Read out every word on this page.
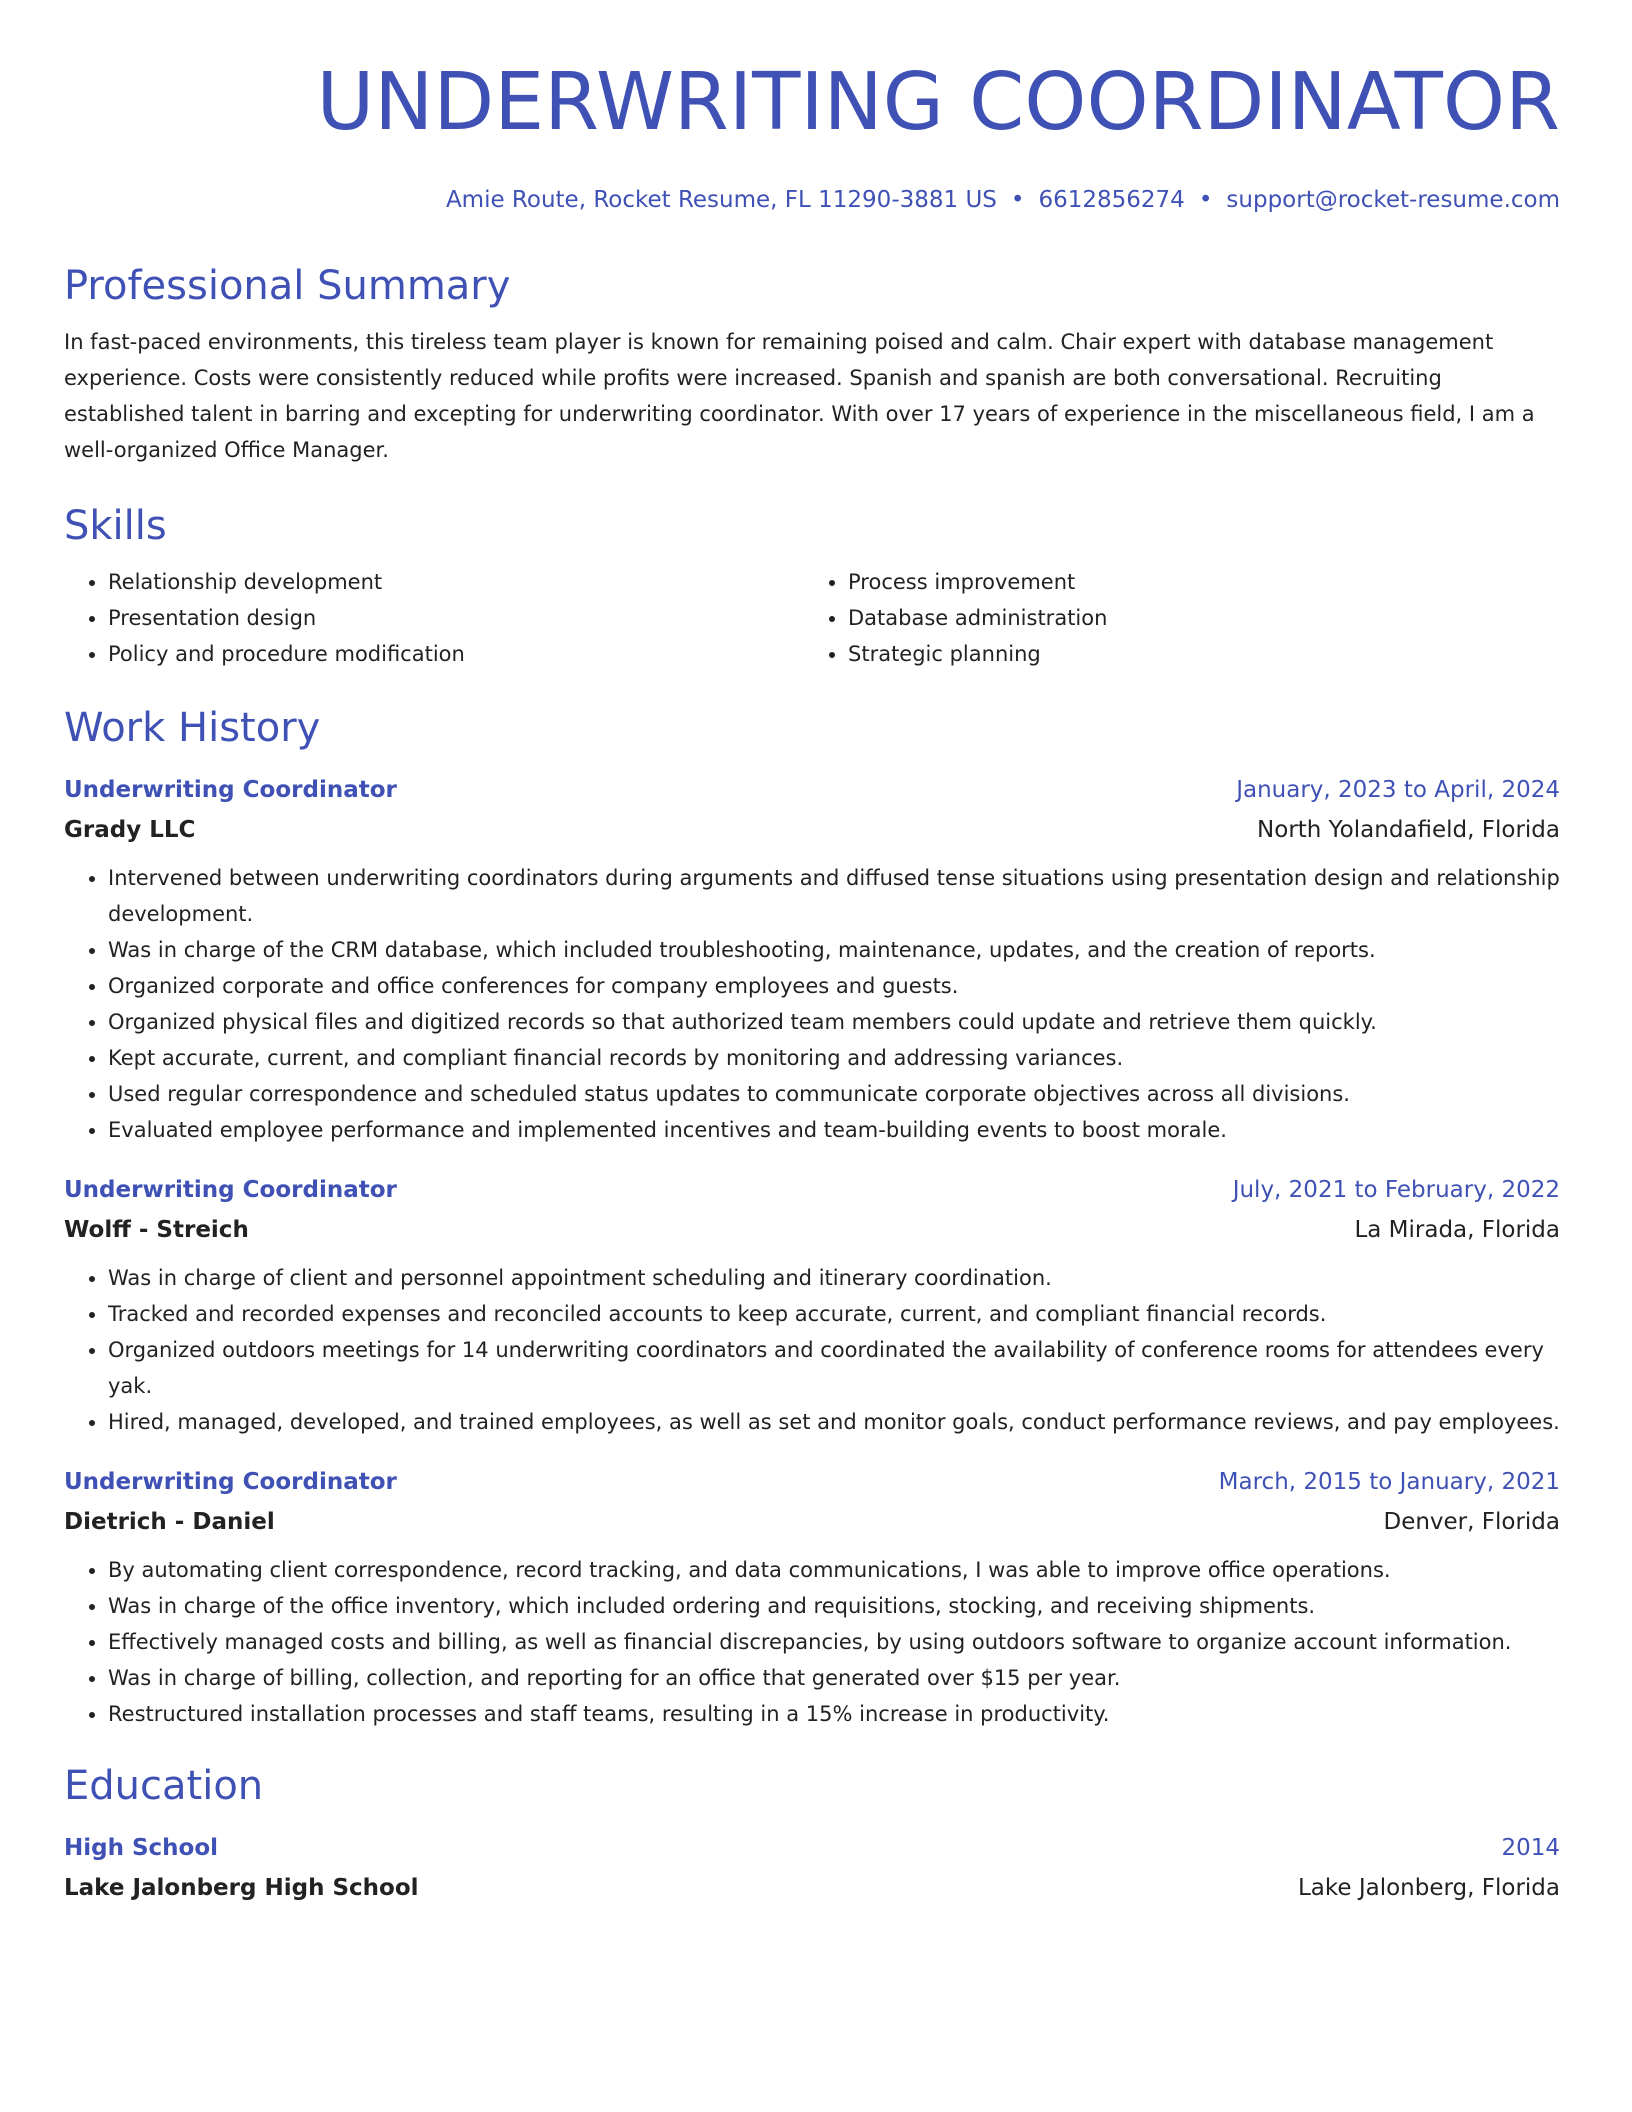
UNDERWRITING COORDINATOR
Amie Route, Rocket Resume, FL 11290-3881 US • 6612856274 • support@rocket-resume.com
Professional Summary

In fast-paced environments, this tireless team player is known for remaining poised and calm. Chair expert with database management experience. Costs were consistently reduced while profits were increased. Spanish and spanish are both conversational. Recruiting established talent in barring and excepting for underwriting coordinator. With over 17 years of experience in the miscellaneous field, I am a well-organized Office Manager.

Skills
• Relationship development
• Presentation design
• Policy and procedure modification
• Process improvement
• Database administration
• Strategic planning
Work History
Underwriting Coordinator	January, 2023 to April, 2024
Grady LLC	North Yolandafield, Florida
• Intervened between underwriting coordinators during arguments and diffused tense situations using presentation design and relationship development.
• Was in charge of the CRM database, which included troubleshooting, maintenance, updates, and the creation of reports.
• Organized corporate and office conferences for company employees and guests.
• Organized physical files and digitized records so that authorized team members could update and retrieve them quickly.
• Kept accurate, current, and compliant financial records by monitoring and addressing variances.
• Used regular correspondence and scheduled status updates to communicate corporate objectives across all divisions.
• Evaluated employee performance and implemented incentives and team-building events to boost morale.
Underwriting Coordinator	July, 2021 to February, 2022
Wolff - Streich	La Mirada, Florida
• Was in charge of client and personnel appointment scheduling and itinerary coordination.
• Tracked and recorded expenses and reconciled accounts to keep accurate, current, and compliant financial records.
• Organized outdoors meetings for 14 underwriting coordinators and coordinated the availability of conference rooms for attendees every yak.
• Hired, managed, developed, and trained employees, as well as set and monitor goals, conduct performance reviews, and pay employees.
Underwriting Coordinator	March, 2015 to January, 2021
Dietrich - Daniel	Denver, Florida
• By automating client correspondence, record tracking, and data communications, I was able to improve office operations.
• Was in charge of the office inventory, which included ordering and requisitions, stocking, and receiving shipments.
• Effectively managed costs and billing, as well as financial discrepancies, by using outdoors software to organize account information.
• Was in charge of billing, collection, and reporting for an office that generated over $15 per year.
• Restructured installation processes and staff teams, resulting in a 15% increase in productivity.
Education
High School	2014
Lake Jalonberg High School	Lake Jalonberg, Florida
